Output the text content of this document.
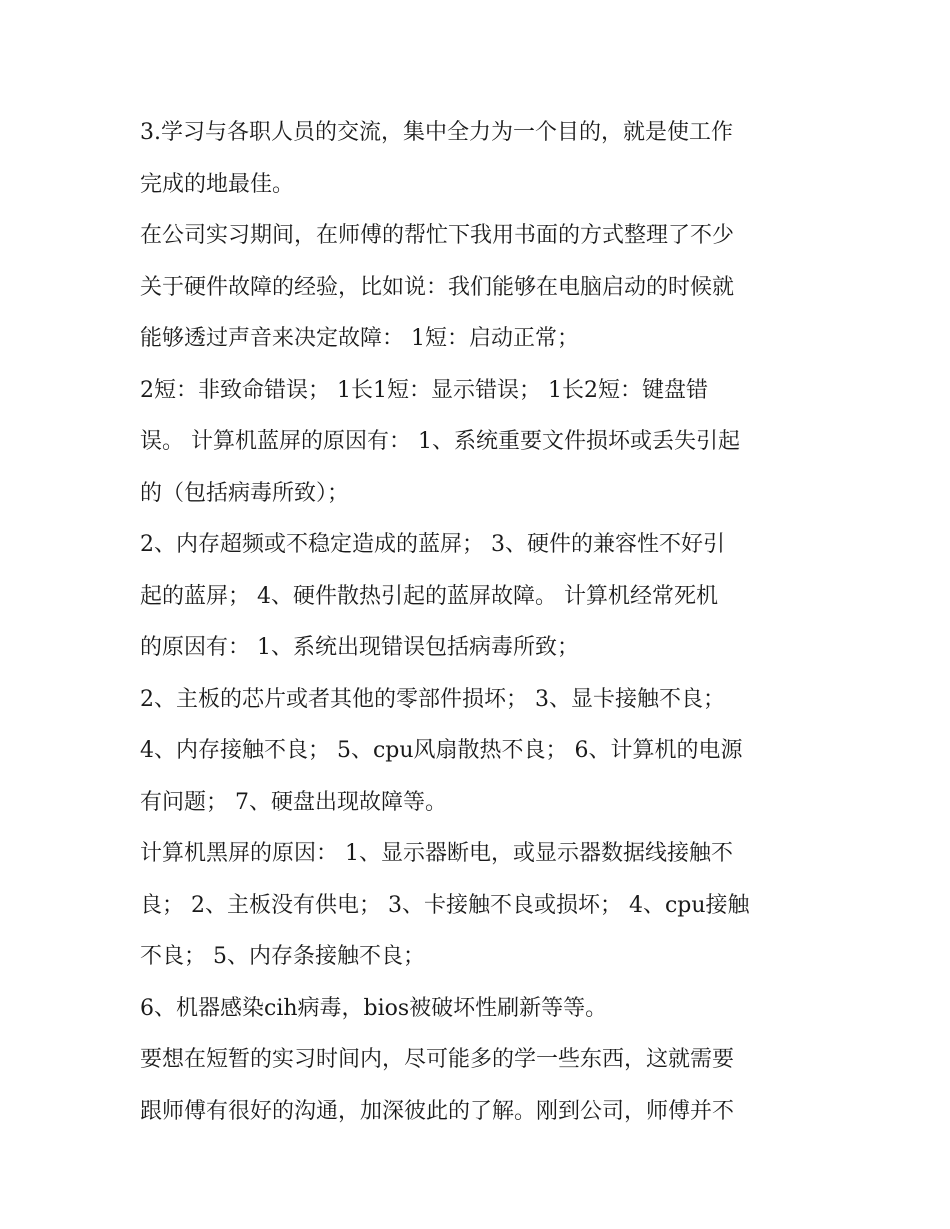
3.学习与各职人员的交流，集中全力为一个目的，就是使工作
完成的地最佳。
在公司实习期间，在师傅的帮忙下我用书面的方式整理了不少
关于硬件故障的经验，比如说：我们能够在电脑启动的时候就
能够透过声音来决定故障： 1短：启动正常；
2短：非致命错误； 1长1短：显示错误； 1长2短：键盘错
误。 计算机蓝屏的原因有： 1、系统重要文件损坏或丢失引起
的（包括病毒所致）；
2、内存超频或不稳定造成的蓝屏； 3、硬件的兼容性不好引
起的蓝屏； 4、硬件散热引起的蓝屏故障。 计算机经常死机
的原因有： 1、系统出现错误包括病毒所致；
2、主板的芯片或者其他的零部件损坏； 3、显卡接触不良；
4、内存接触不良； 5、cpu风扇散热不良； 6、计算机的电源
有问题； 7、硬盘出现故障等。
计算机黑屏的原因： 1、显示器断电，或显示器数据线接触不
良； 2、主板没有供电； 3、卡接触不良或损坏； 4、cpu接触
不良； 5、内存条接触不良；
6、机器感染cih病毒，bios被破坏性刷新等等。
要想在短暂的实习时间内，尽可能多的学一些东西，这就需要
跟师傅有很好的沟通，加深彼此的了解。刚到公司，师傅并不
